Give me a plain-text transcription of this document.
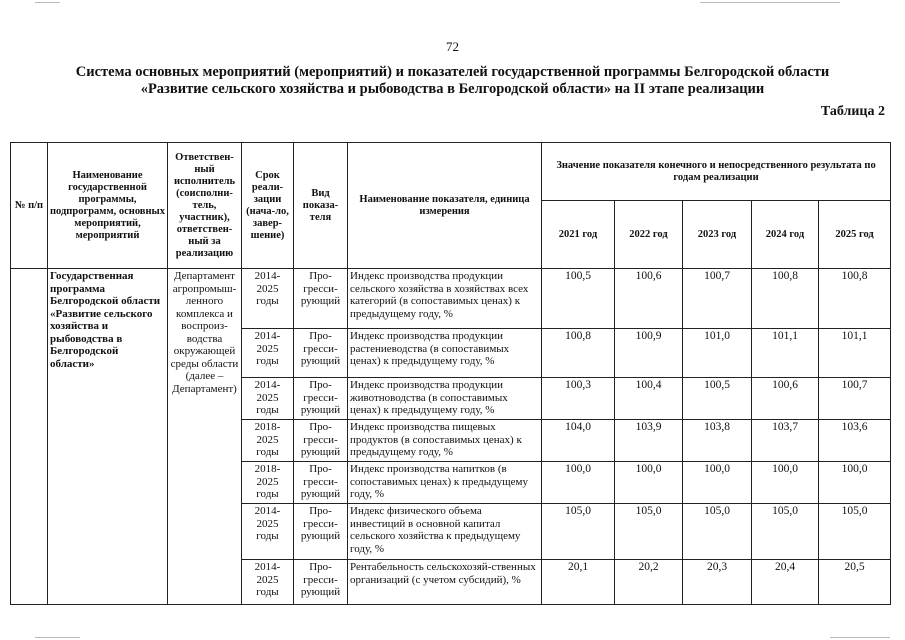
72
Система основных мероприятий (мероприятий) и показателей государственной программы Белгородской области
«Развитие сельского хозяйства и рыбоводства в Белгородской области» на II этапе реализации
Таблица 2
№ п/п	Наименование государственной программы, подпрограмм, основных мероприятий, мероприятий	Ответствен-ный исполнитель (соисполни-тель, участник), ответствен-ный за реализацию	Срок реали-зации (нача-ло, завер-шение)	Вид показа-теля	Наименование показателя, единица измерения	Значение показателя конечного и непосредственного результата по годам реализации				
						2021 год	2022 год	2023 год	2024 год	2025 год
	Государственная программа Белгородской области «Развитие сельского хозяйства и рыбоводства в Белгородской области»	Департамент агропромыш-ленного комплекса и воспроиз-водства окружающей среды области (далее – Департамент)	2014-2025 годы	Про-гресси-рующий	Индекс производства продукции сельского хозяйства в хозяйствах всех категорий (в сопоставимых ценах) к предыдущему году, %	100,5	100,6	100,7	100,8	100,8
			2014-2025 годы	Про-гресси-рующий	Индекс производства продукции растениеводства (в сопоставимых ценах) к предыдущему году, %	100,8	100,9	101,0	101,1	101,1
			2014-2025 годы	Про-гресси-рующий	Индекс производства продукции животноводства (в сопоставимых ценах) к предыдущему году, %	100,3	100,4	100,5	100,6	100,7
			2018-2025 годы	Про-гресси-рующий	Индекс производства пищевых продуктов (в сопоставимых ценах) к предыдущему году, %	104,0	103,9	103,8	103,7	103,6
			2018-2025 годы	Про-гресси-рующий	Индекс производства напитков (в сопоставимых ценах) к предыдущему году, %	100,0	100,0	100,0	100,0	100,0
			2014-2025 годы	Про-гресси-рующий	Индекс физического объема инвестиций в основной капитал сельского хозяйства к предыдущему году, %	105,0	105,0	105,0	105,0	105,0
			2014-2025 годы	Про-гресси-рующий	Рентабельность сельскохозяй-ственных организаций (с учетом субсидий), %	20,1	20,2	20,3	20,4	20,5
